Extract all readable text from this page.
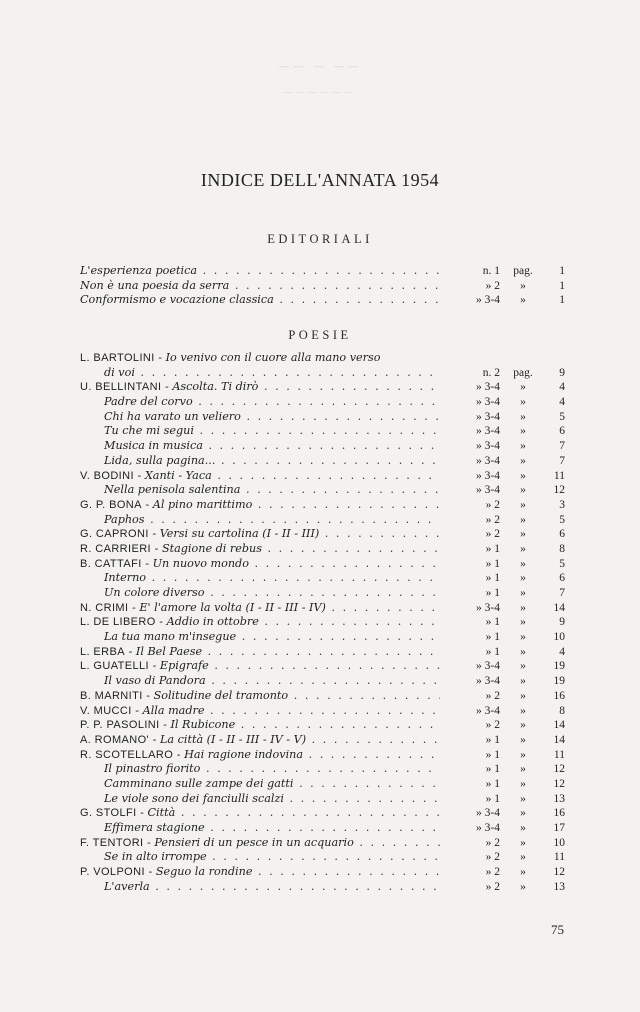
—— — ——
——————
INDICE DELL'ANNATA 1954
EDITORIALI
L'esperienza poetica . .	n. 1	pag.	1
Non è una poesia da serra . .	» 2	»	1
Conformismo e vocazione classica . .	» 3-4	»	1
POESIE
L. BARTOLINI - Io venivo con il cuore alla mano verso
di voi . .	n. 2	pag.	9
U. BELLINTANI - Ascolta. Ti dirò . .	» 3-4	»	4
Padre del corvo . .	» 3-4	»	4
Chi ha varato un veliero . .	» 3-4	»	5
Tu che mi segui . .	» 3-4	»	6
Musica in musica . .	» 3-4	»	7
Lida, sulla pagina... . .	» 3-4	»	7
V. BODINI - Xanti - Yaca . .	» 3-4	»	11
Nella penisola salentina . .	» 3-4	»	12
G. P. BONA - Al pino marittimo . .	» 2	»	3
Paphos . .	» 2	»	5
G. CAPRONI - Versi su cartolina (I - II - III) . .	» 2	»	6
R. CARRIERI - Stagione di rebus . .	» 1	»	8
B. CATTAFI - Un nuovo mondo . .	» 1	»	5
Interno . .	» 1	»	6
Un colore diverso . .	» 1	»	7
N. CRIMI - E' l'amore la volta (I - II - III - IV) . .	» 3-4	»	14
L. DE LIBERO - Addio in ottobre . .	» 1	»	9
La tua mano m'insegue . .	» 1	»	10
L. ERBA - Il Bel Paese . .	» 1	»	4
L. GUATELLI - Epigrafe . .	» 3-4	»	19
Il vaso di Pandora . .	» 3-4	»	19
B. MARNITI - Solitudine del tramonto . .	» 2	»	16
V. MUCCI - Alla madre . .	» 3-4	»	8
P. P. PASOLINI - Il Rubicone . .	» 2	»	14
A. ROMANO' - La città (I - II - III - IV - V) . .	» 1	»	14
R. SCOTELLARO - Hai ragione indovina . .	» 1	»	11
Il pinastro fiorito . .	» 1	»	12
Camminano sulle zampe dei gatti . .	» 1	»	12
Le viole sono dei fanciulli scalzi . .	» 1	»	13
G. STOLFI - Città . .	» 3-4	»	16
Effimera stagione . .	» 3-4	»	17
F. TENTORI - Pensieri di un pesce in un acquario . .	» 2	»	10
Se in alto irrompe . .	» 2	»	11
P. VOLPONI - Seguo la rondine . .	» 2	»	12
L'averla . .	» 2	»	13
75
